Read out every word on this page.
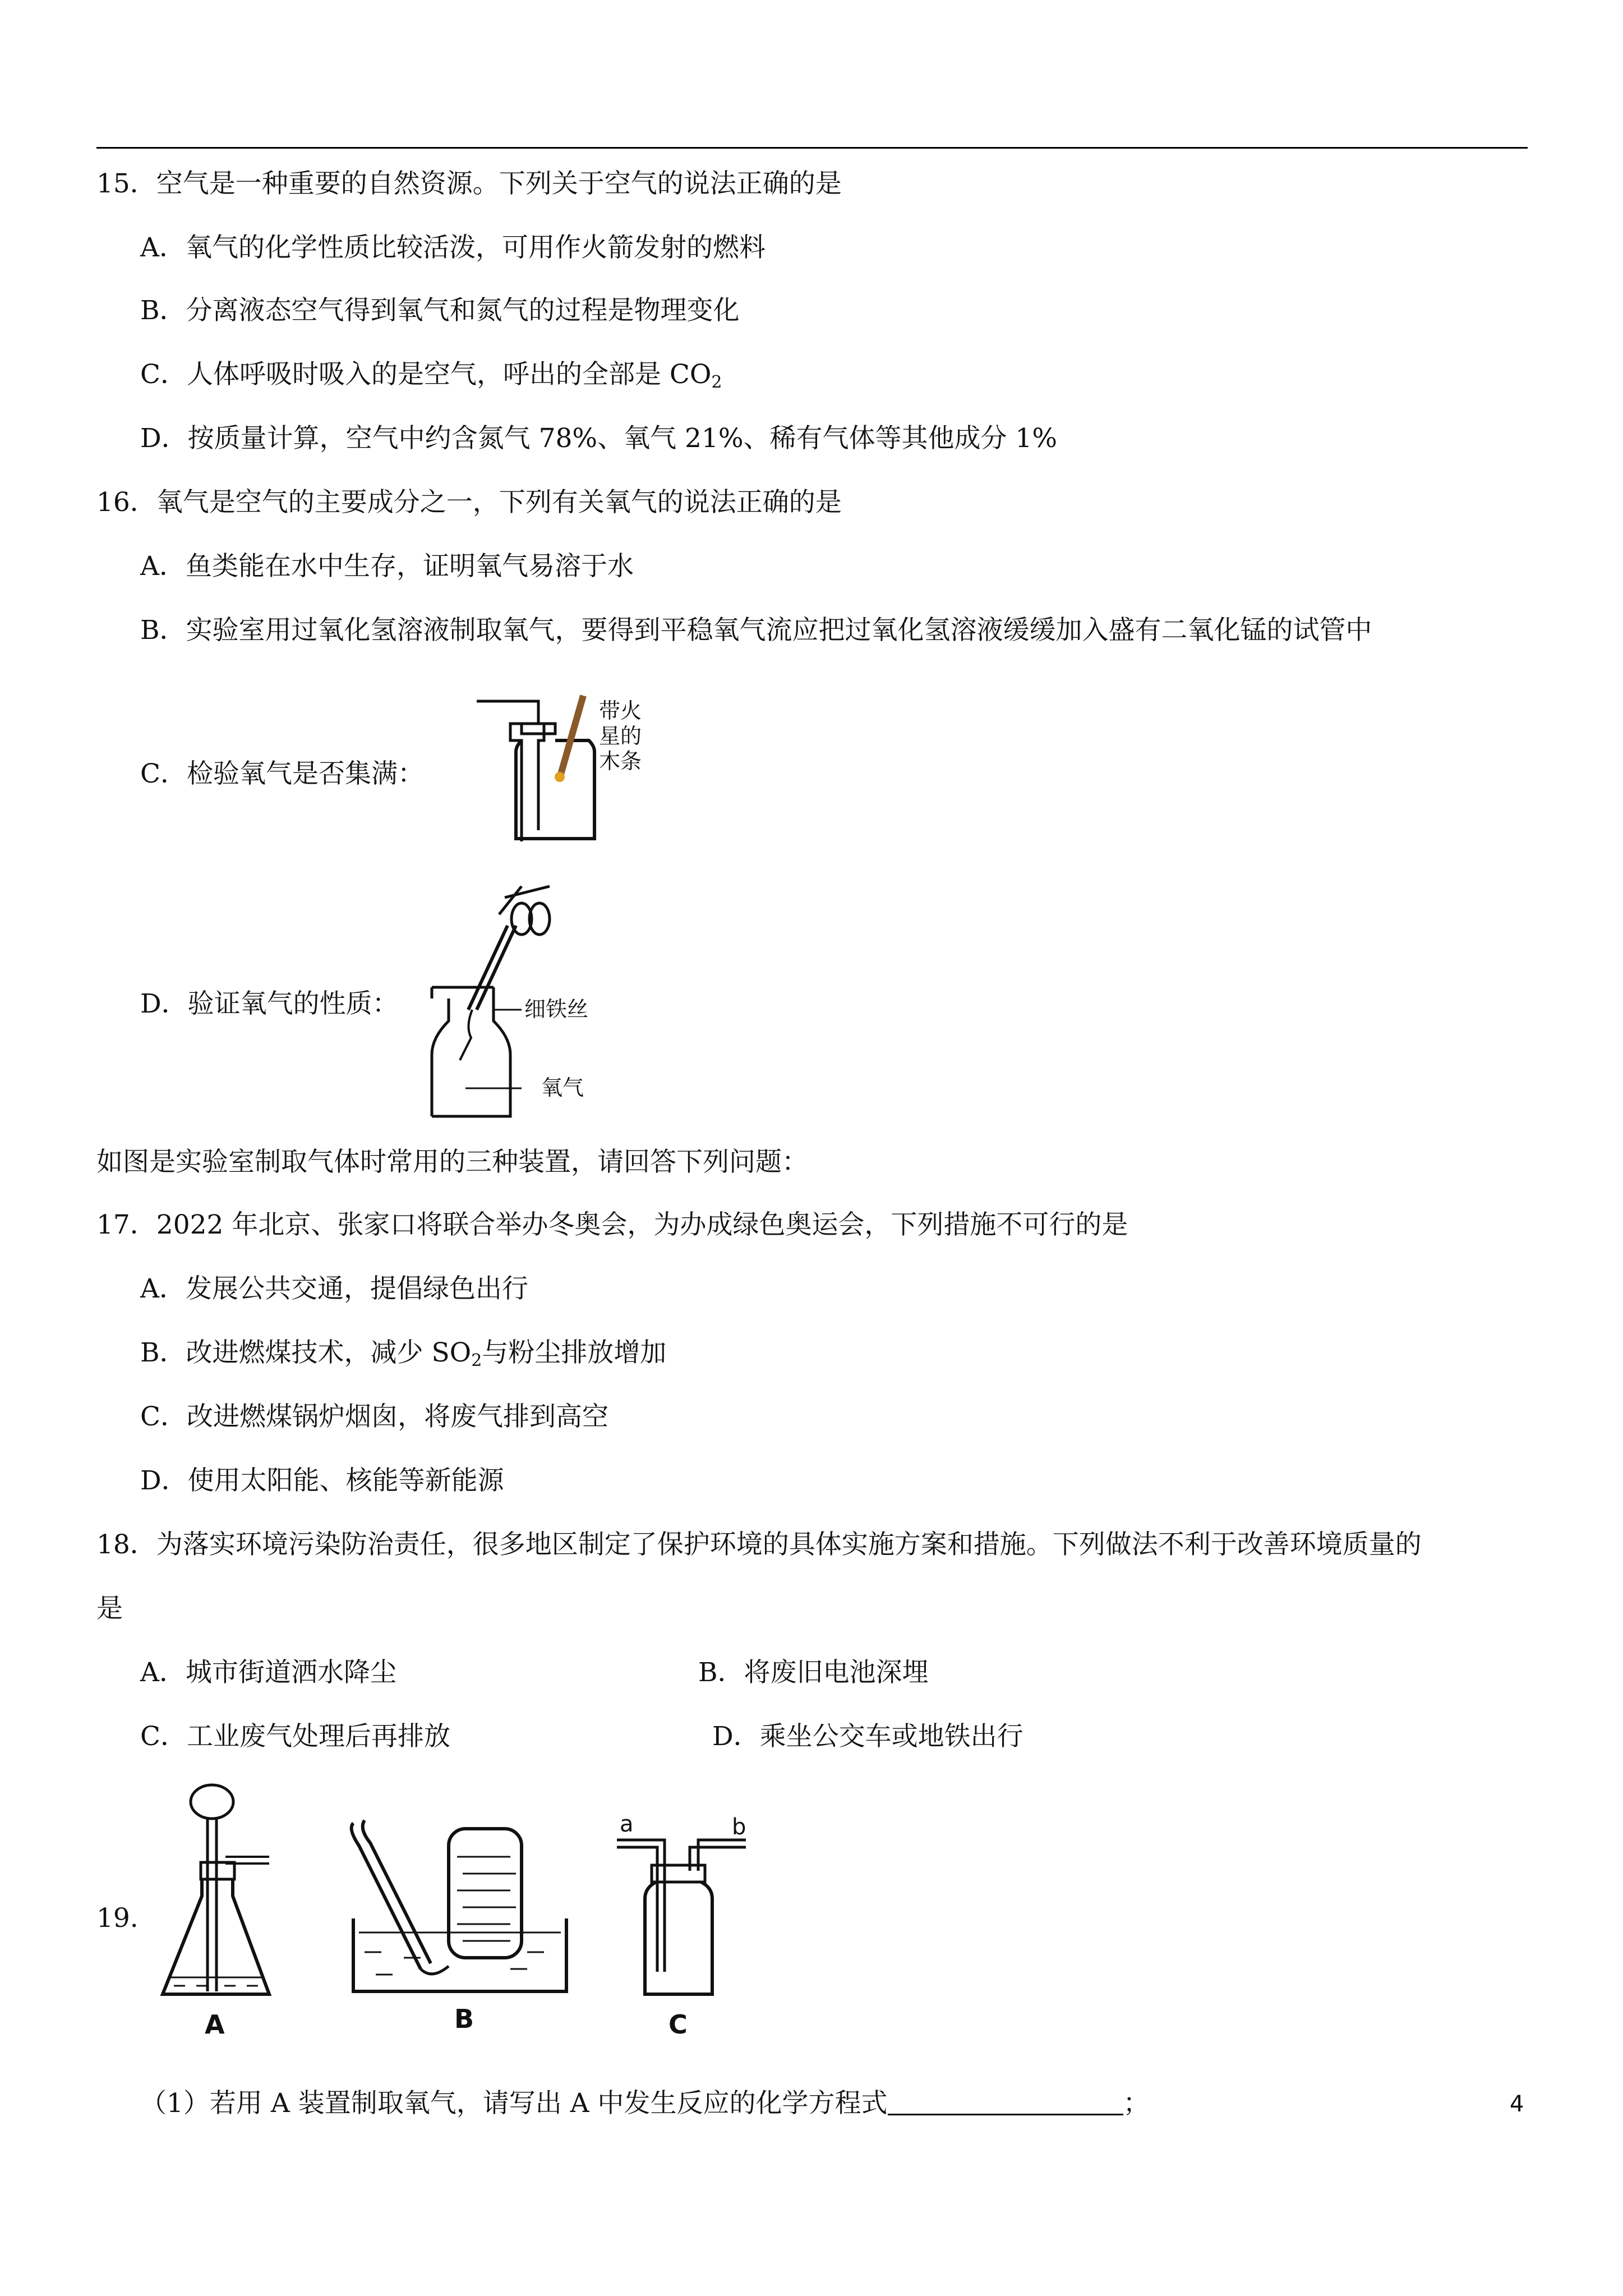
15．空气是一种重要的自然资源。下列关于空气的说法正确的是
A．氧气的化学性质比较活泼，可用作火箭发射的燃料
B．分离液态空气得到氧气和氮气的过程是物理变化
C．人体呼吸时吸入的是空气，呼出的全部是 $CO_2$
D．按质量计算，空气中约含氮气 78%、氧气 21%、稀有气体等其他成分 1%
16．氧气是空气的主要成分之一，下列有关氧气的说法正确的是
A．鱼类能在水中生存，证明氧气易溶于水
B．实验室用过氧化氢溶液制取氧气，要得到平稳氧气流应把过氧化氢溶液缓缓加入盛有二氧化锰的试管中
C．检验氧气是否集满：
带火
星的
木条
D．验证氧气的性质：	细铁丝
氧气
如图是实验室制取气体时常用的三种装置，请回答下列问题：
17．2022 年北京、张家口将联合举办冬奥会，为办成绿色奥运会，下列措施不可行的是
A．发展公共交通，提倡绿色出行
B．改进燃煤技术，减少 $SO_2$与粉尘排放增加
C．改进燃煤锅炉烟囱，将废气排到高空
D．使用太阳能、核能等新能源
18．为落实环境污染防治责任，很多地区制定了保护环境的具体实施方案和措施。下列做法不利于改善环境质量的
是
A．城市街道洒水降尘	B．将废旧电池深埋
C．工业废气处理后再排放	D．乘坐公交车或地铁出行
19.
A	B
a	b
C
（1）若用 A 装置制取氧气，请写出 A 中发生反应的化学方程式	；	4
